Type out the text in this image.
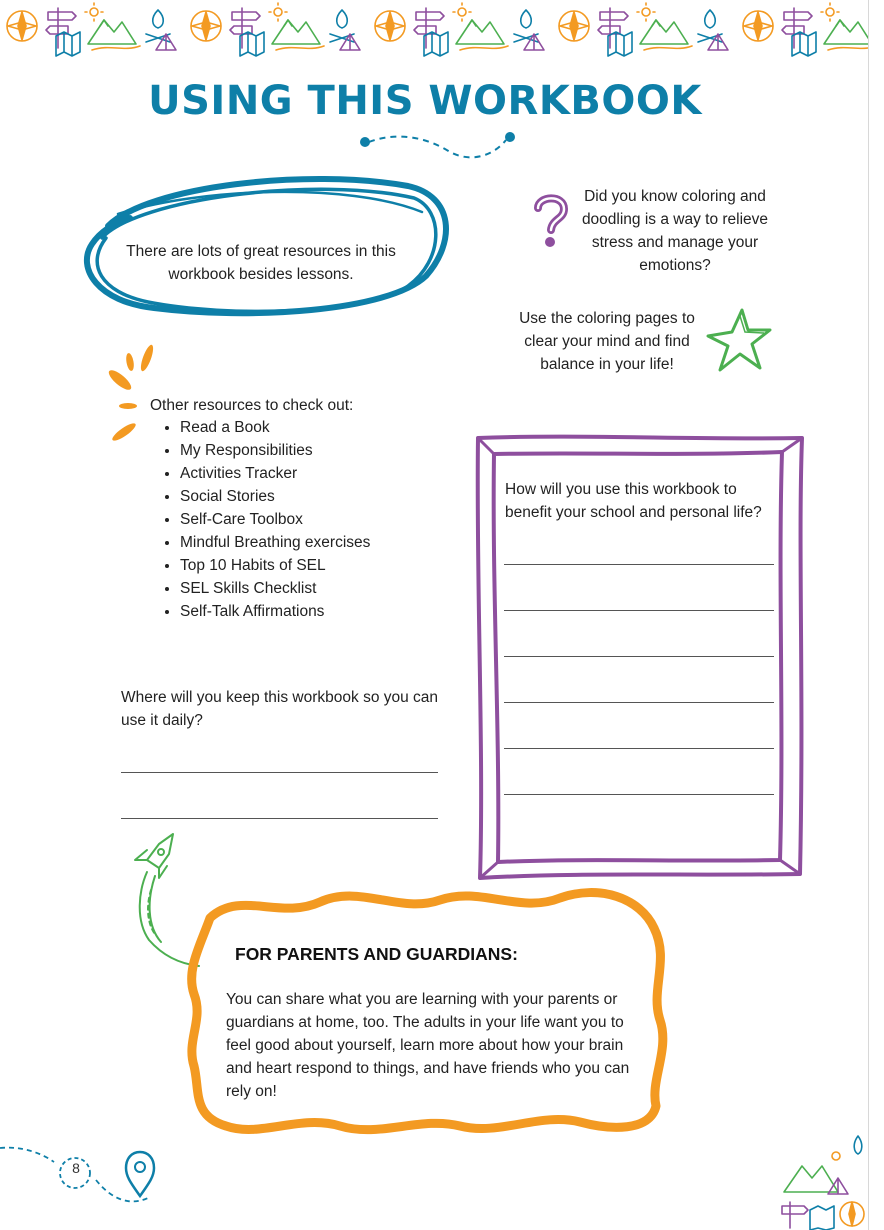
USING THIS WORKBOOK
There are lots of great resources in this
workbook besides lessons.
Did you know coloring and
doodling is a way to relieve
stress and manage your
emotions?
Use the coloring pages to
clear your mind and find
balance in your life!
Other resources to check out:
• Read a Book
• My Responsibilities
• Activities Tracker
• Social Stories
• Self-Care Toolbox
• Mindful Breathing exercises
• Top 10 Habits of SEL
• SEL Skills Checklist
• Self-Talk Affirmations
How will you use this workbook to
benefit your school and personal life?
Where will you keep this workbook so you can
use it daily?
FOR PARENTS AND GUARDIANS:
You can share what you are learning with your parents or
guardians at home, too. The adults in your life want you to
feel good about yourself, learn more about how your brain
and heart respond to things, and have friends who you can
rely on!
8
